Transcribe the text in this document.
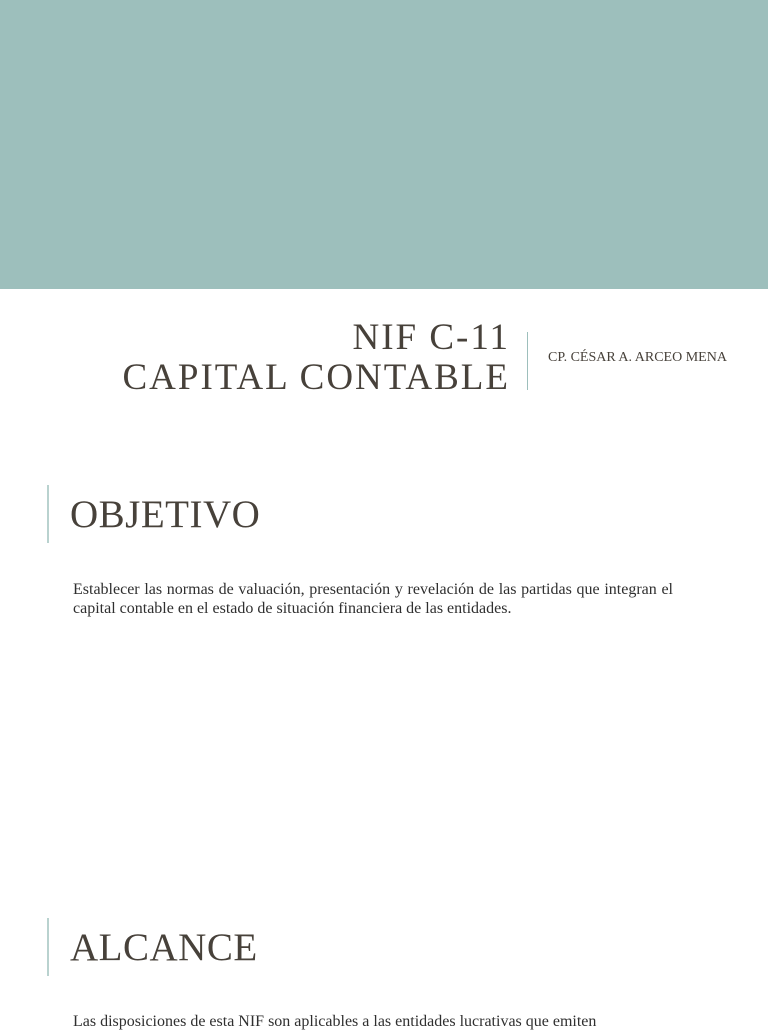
NIF C-11
CAPITAL CONTABLE	CP. CÉSAR A. ARCEO MENA
OBJETIVO
Establecer las normas de valuación, presentación y revelación de las partidas que integran el capital contable en el estado de situación financiera de las entidades.
ALCANCE
Las disposiciones de esta NIF son aplicables a las entidades lucrativas que emiten
